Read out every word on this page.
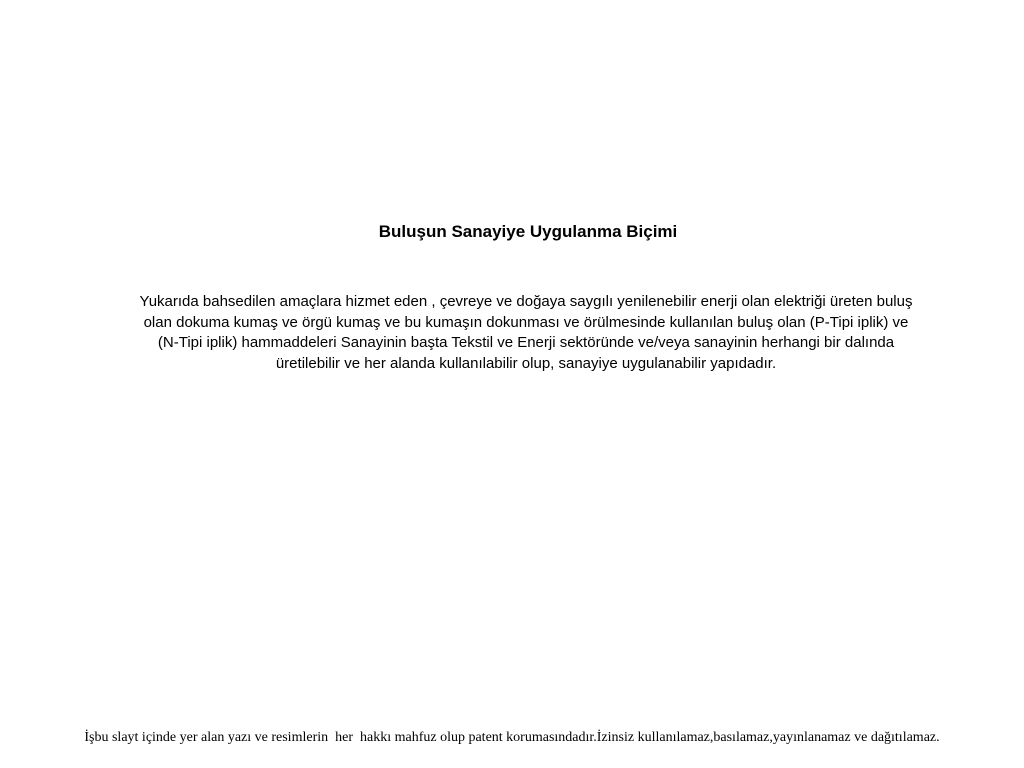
Buluşun Sanayiye Uygulanma Biçimi

Yukarıda bahsedilen amaçlara hizmet eden , çevreye ve doğaya saygılı yenilenebilir enerji olan elektriği üreten buluş
olan dokuma kumaş ve örgü kumaş ve bu kumaşın dokunması ve örülmesinde kullanılan buluş olan (P-Tipi iplik) ve
(N-Tipi iplik) hammaddeleri Sanayinin başta Tekstil ve Enerji sektöründe ve/veya sanayinin herhangi bir dalında
üretilebilir ve her alanda kullanılabilir olup, sanayiye uygulanabilir yapıdadır.

İşbu slayt içinde yer alan yazı ve resimlerin  her  hakkı mahfuz olup patent korumasındadır.İzinsiz kullanılamaz,basılamaz,yayınlanamaz ve dağıtılamaz.
